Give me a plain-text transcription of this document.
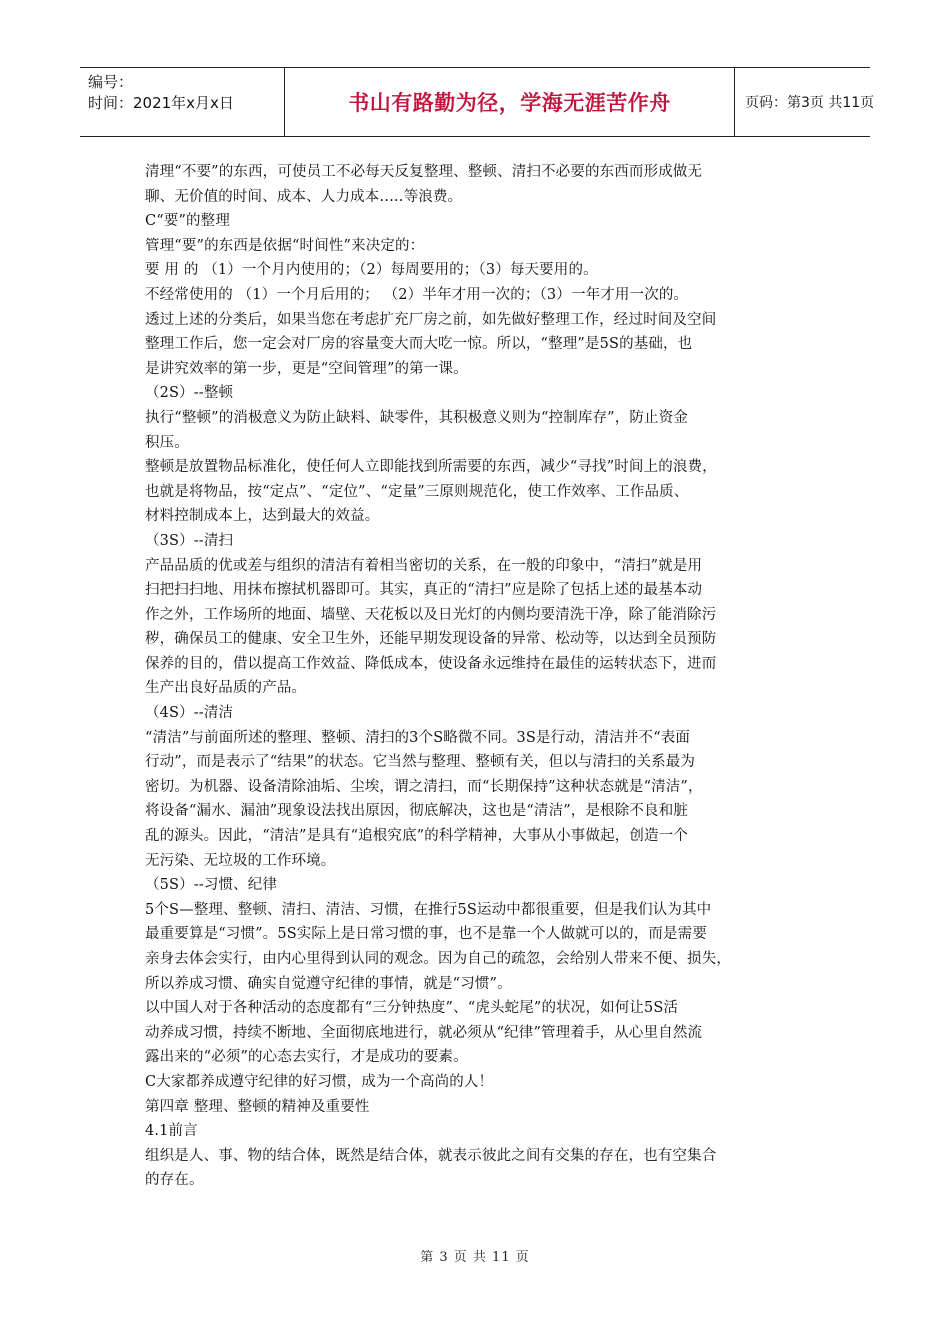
编号：
时间：2021年x月x日	书山有路勤为径，学海无涯苦作舟	页码：第3页 共11页

清理“不要”的东西，可使员工不必每天反复整理、整顿、清扫不必要的东西而形成做无

聊、无价值的时间、成本、人力成本…..等浪费。

C“要”的整理

管理“要”的东西是依据“时间性”来决定的：

要 用 的 （1）一个月内使用的；（2）每周要用的；（3）每天要用的。

不经常使用的 （1）一个月后用的； （2）半年才用一次的；（3）一年才用一次的。

透过上述的分类后，如果当您在考虑扩充厂房之前，如先做好整理工作，经过时间及空间

整理工作后，您一定会对厂房的容量变大而大吃一惊。所以，“整理”是5S的基础，也

是讲究效率的第一步，更是“空间管理”的第一课。

（2S）--整顿

执行“整顿”的消极意义为防止缺料、缺零件，其积极意义则为“控制库存”，防止资金

积压。

整顿是放置物品标准化，使任何人立即能找到所需要的东西，减少“寻找”时间上的浪费，

也就是将物品，按“定点”、“定位”、“定量”三原则规范化，使工作效率、工作品质、

材料控制成本上，达到最大的效益。

（3S）--清扫

产品品质的优或差与组织的清洁有着相当密切的关系，在一般的印象中，“清扫”就是用

扫把扫扫地、用抹布擦拭机器即可。其实，真正的“清扫”应是除了包括上述的最基本动

作之外，工作场所的地面、墙壁、天花板以及日光灯的内侧均要清洗干净，除了能消除污

秽，确保员工的健康、安全卫生外，还能早期发现设备的异常、松动等，以达到全员预防

保养的目的，借以提高工作效益、降低成本，使设备永远维持在最佳的运转状态下，进而

生产出良好品质的产品。

（4S）--清洁

“清洁”与前面所述的整理、整顿、清扫的3个S略微不同。3S是行动，清洁并不“表面

行动”，而是表示了“结果”的状态。它当然与整理、整顿有关，但以与清扫的关系最为

密切。为机器、设备清除油垢、尘埃，谓之清扫，而“长期保持”这种状态就是“清洁”，

将设备“漏水、漏油”现象设法找出原因，彻底解决，这也是“清洁”，是根除不良和脏

乱的源头。因此，“清洁”是具有“追根究底”的科学精神，大事从小事做起，创造一个

无污染、无垃圾的工作环境。

（5S）--习惯、纪律

5个S—整理、整顿、清扫、清洁、习惯，在推行5S运动中都很重要，但是我们认为其中

最重要算是“习惯”。5S实际上是日常习惯的事，也不是靠一个人做就可以的，而是需要

亲身去体会实行，由内心里得到认同的观念。因为自己的疏忽，会给别人带来不便、损失，

所以养成习惯、确实自觉遵守纪律的事情，就是“习惯”。

以中国人对于各种活动的态度都有“三分钟热度”、“虎头蛇尾”的状况，如何让5S活

动养成习惯，持续不断地、全面彻底地进行，就必须从“纪律”管理着手，从心里自然流

露出来的“必须”的心态去实行，才是成功的要素。

C大家都养成遵守纪律的好习惯，成为一个高尚的人！

第四章 整理、整顿的精神及重要性

4.1前言

组织是人、事、物的结合体，既然是结合体，就表示彼此之间有交集的存在，也有空集合

的存在。

第 3 页 共 11 页
